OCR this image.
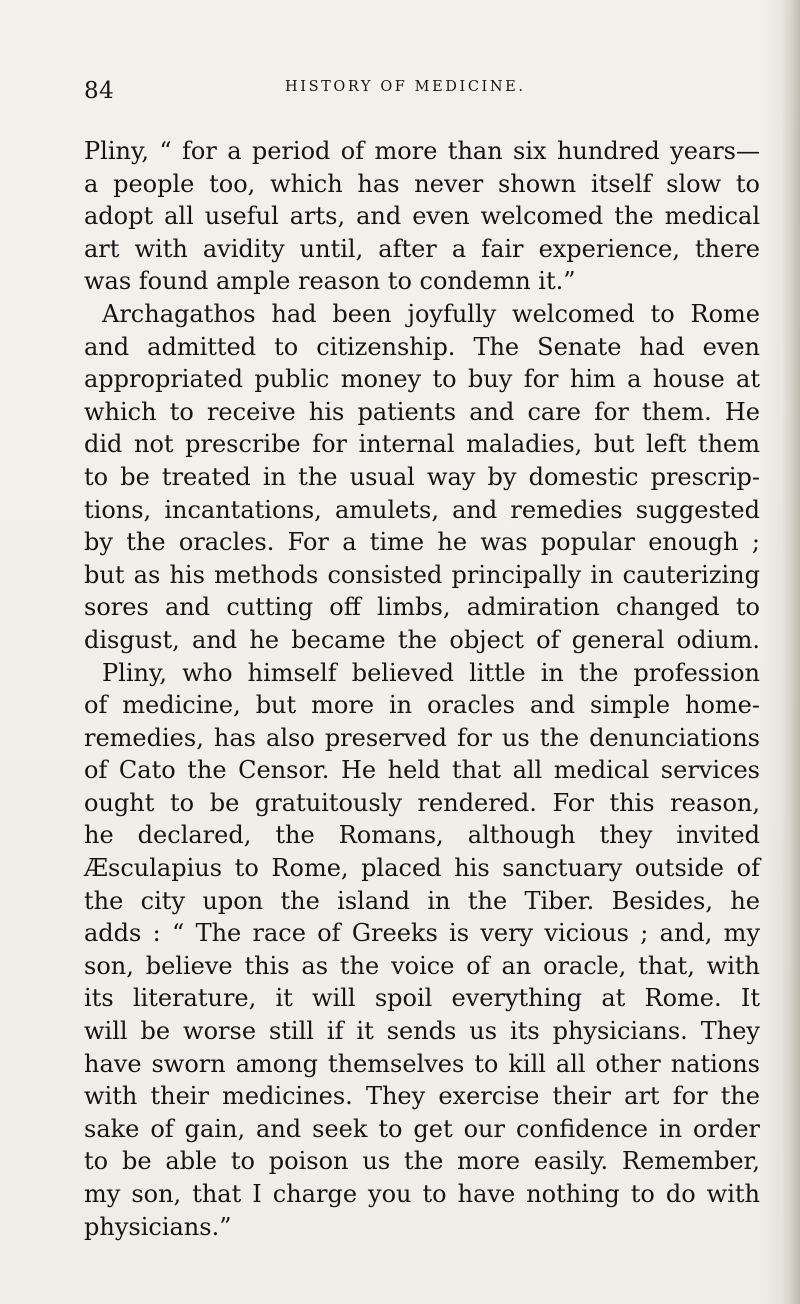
84	HISTORY OF MEDICINE.
Pliny, “ for a period of more than six hundred years—
a people too, which has never shown itself slow to
adopt all useful arts, and even welcomed the medical
art with avidity until, after a fair experience, there
was found ample reason to condemn it.”
Archagathos had been joyfully welcomed to Rome
and admitted to citizenship. The Senate had even
appropriated public money to buy for him a house at
which to receive his patients and care for them. He
did not prescribe for internal maladies, but left them
to be treated in the usual way by domestic prescrip-
tions, incantations, amulets, and remedies suggested
by the oracles. For a time he was popular enough ;
but as his methods consisted principally in cauterizing
sores and cutting off limbs, admiration changed to
disgust, and he became the object of general odium.
Pliny, who himself believed little in the profession
of medicine, but more in oracles and simple home-
remedies, has also preserved for us the denunciations
of Cato the Censor. He held that all medical services
ought to be gratuitously rendered. For this reason,
he declared, the Romans, although they invited
Æsculapius to Rome, placed his sanctuary outside of
the city upon the island in the Tiber. Besides, he
adds : “ The race of Greeks is very vicious ; and, my
son, believe this as the voice of an oracle, that, with
its literature, it will spoil everything at Rome. It
will be worse still if it sends us its physicians. They
have sworn among themselves to kill all other nations
with their medicines. They exercise their art for the
sake of gain, and seek to get our confidence in order
to be able to poison us the more easily. Remember,
my son, that I charge you to have nothing to do with
physicians.”
